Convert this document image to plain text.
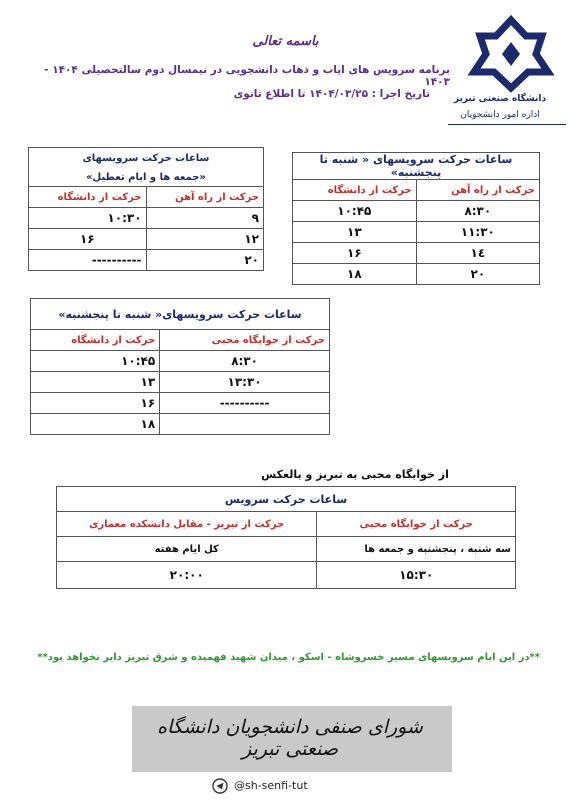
باسمه تعالی
برنامه سرویس های ایاب و ذهاب دانشجویی در نیمسال دوم سالتحصیلی ۱۴۰۴ - ۱۴۰۳
تاریخ اجرا : ۱۴۰۴/۰۳/۲۵ تا اطلاع ثانوی	دانشگاه صنعتی تبریز
اداره امور دانشجویان
ساعات حرکت سرویسهای « شنبه تا پنجشنبه»	
حرکت از راه آهن	حرکت از دانشگاه
۸:۳۰	۱۰:۴۵
۱۱:۳۰	۱۳
۱٤	۱۶
۲۰	۱۸
ساعات حرکت سرویسهای	
«جمعه ها و ایام تعطیل»	
حرکت از راه آهن	حرکت از دانشگاه
۹	۱۰:۳۰
۱۲	۱۶
۲۰	----------
ساعات حرکت سرویسهای« شنبه تا پنجشنبه»	
حرکت از خوابگاه محبی	حرکت از دانشگاه
۸:۳۰	۱۰:۴۵
۱۳:۳۰	۱۳
----------	۱۶
	۱۸
از خوابگاه محبی به تبریز و بالعکس
ساعات حرکت سرویس	
حرکت از خوابگاه محبی	حرکت از تبریز - مقابل دانشکده معماری
سه شنبه ، پنجشنبه و جمعه ها	کل ایام هفته
۱۵:۳۰	۲۰:۰۰
**در این ایام سرویسهای مسیر خسروشاه - اسکو ، میدان شهید فهمیده و شرق تبریز دایر نخواهد بود**
شورای صنفی دانشجویان دانشگاه صنعتی تبریز
@sh-senfi-tut
